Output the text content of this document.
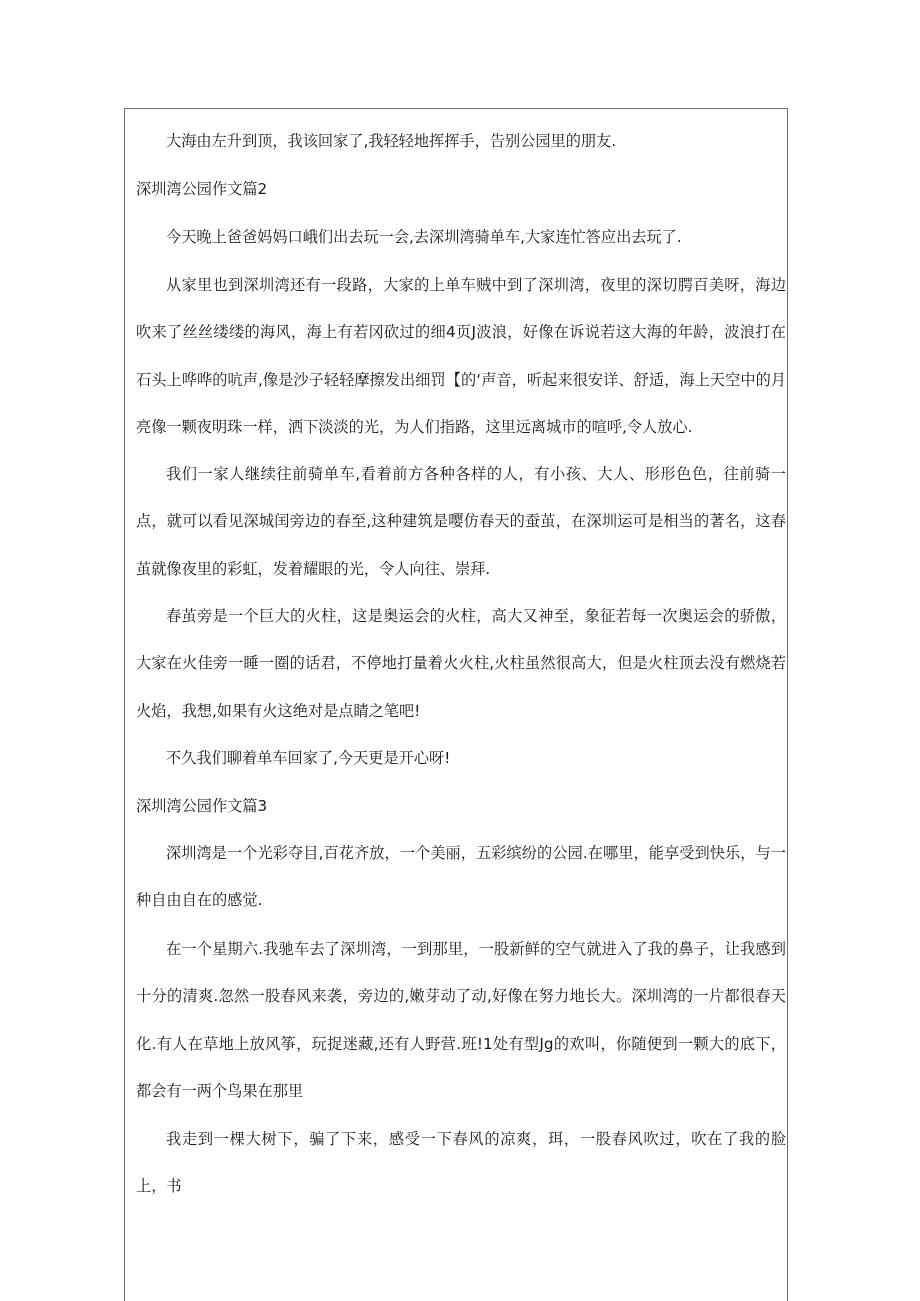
大海由左升到顶，我该回家了,我轻轻地挥挥手，告别公园里的朋友.

深圳湾公园作文篇2

今天晚上爸爸妈妈口峨们出去玩一会,去深圳湾骑单车,大家连忙答应出去玩了.

从家里也到深圳湾还有一段路，大家的上单车贼中到了深圳湾，夜里的深切腭百美呀，海边吹来了丝丝缕缕的海风，海上有若冈砍过的细4页J波浪，好像在诉说若这大海的年龄，波浪打在石头上哗哗的吭声,像是沙子轻轻摩擦发出细罚【的‘声音，听起来很安详、舒适，海上天空中的月亮像一颗夜明珠一样，洒下淡淡的光，为人们指路，这里远离城市的喧呼,令人放心.

我们一家人继续往前骑单车,看着前方各种各样的人，有小孩、大人、形形色色，往前骑一点，就可以看见深城闰旁边的春至,这种建筑是嘤仿春天的蚕茧，在深圳运可是相当的著名，这春茧就像夜里的彩虹，发着耀眼的光，令人向往、崇拜.

春茧旁是一个巨大的火柱，这是奥运会的火柱，高大又神至，象征若每一次奥运会的骄傲，大家在火佳旁一睡一圈的话君，不停地打量着火火柱,火柱虽然很高大，但是火柱顶去没有燃烧若火焰，我想,如果有火这绝对是点睛之笔吧!

不久我们聊着单车回家了,今天更是开心呀!

深圳湾公园作文篇3

深圳湾是一个光彩夺目,百花齐放，一个美丽，五彩缤纷的公园.在哪里，能享受到快乐，与一种自由自在的感觉.

在一个星期六.我驰车去了深圳湾，一到那里，一股新鲜的空气就进入了我的鼻子，让我感到十分的清爽.忽然一股春风来袭，旁边的,嫩芽动了动,好像在努力地长大。深圳湾的一片都很春天化.有人在草地上放风筝，玩捉迷藏,还有人野营.班!1处有型Jg的欢叫，你随便到一颗大的底下，都会有一两个鸟果在那里

我走到一棵大树下，骗了下来，感受一下春风的凉爽，珥，一股春风吹过，吹在了我的脸上，书
